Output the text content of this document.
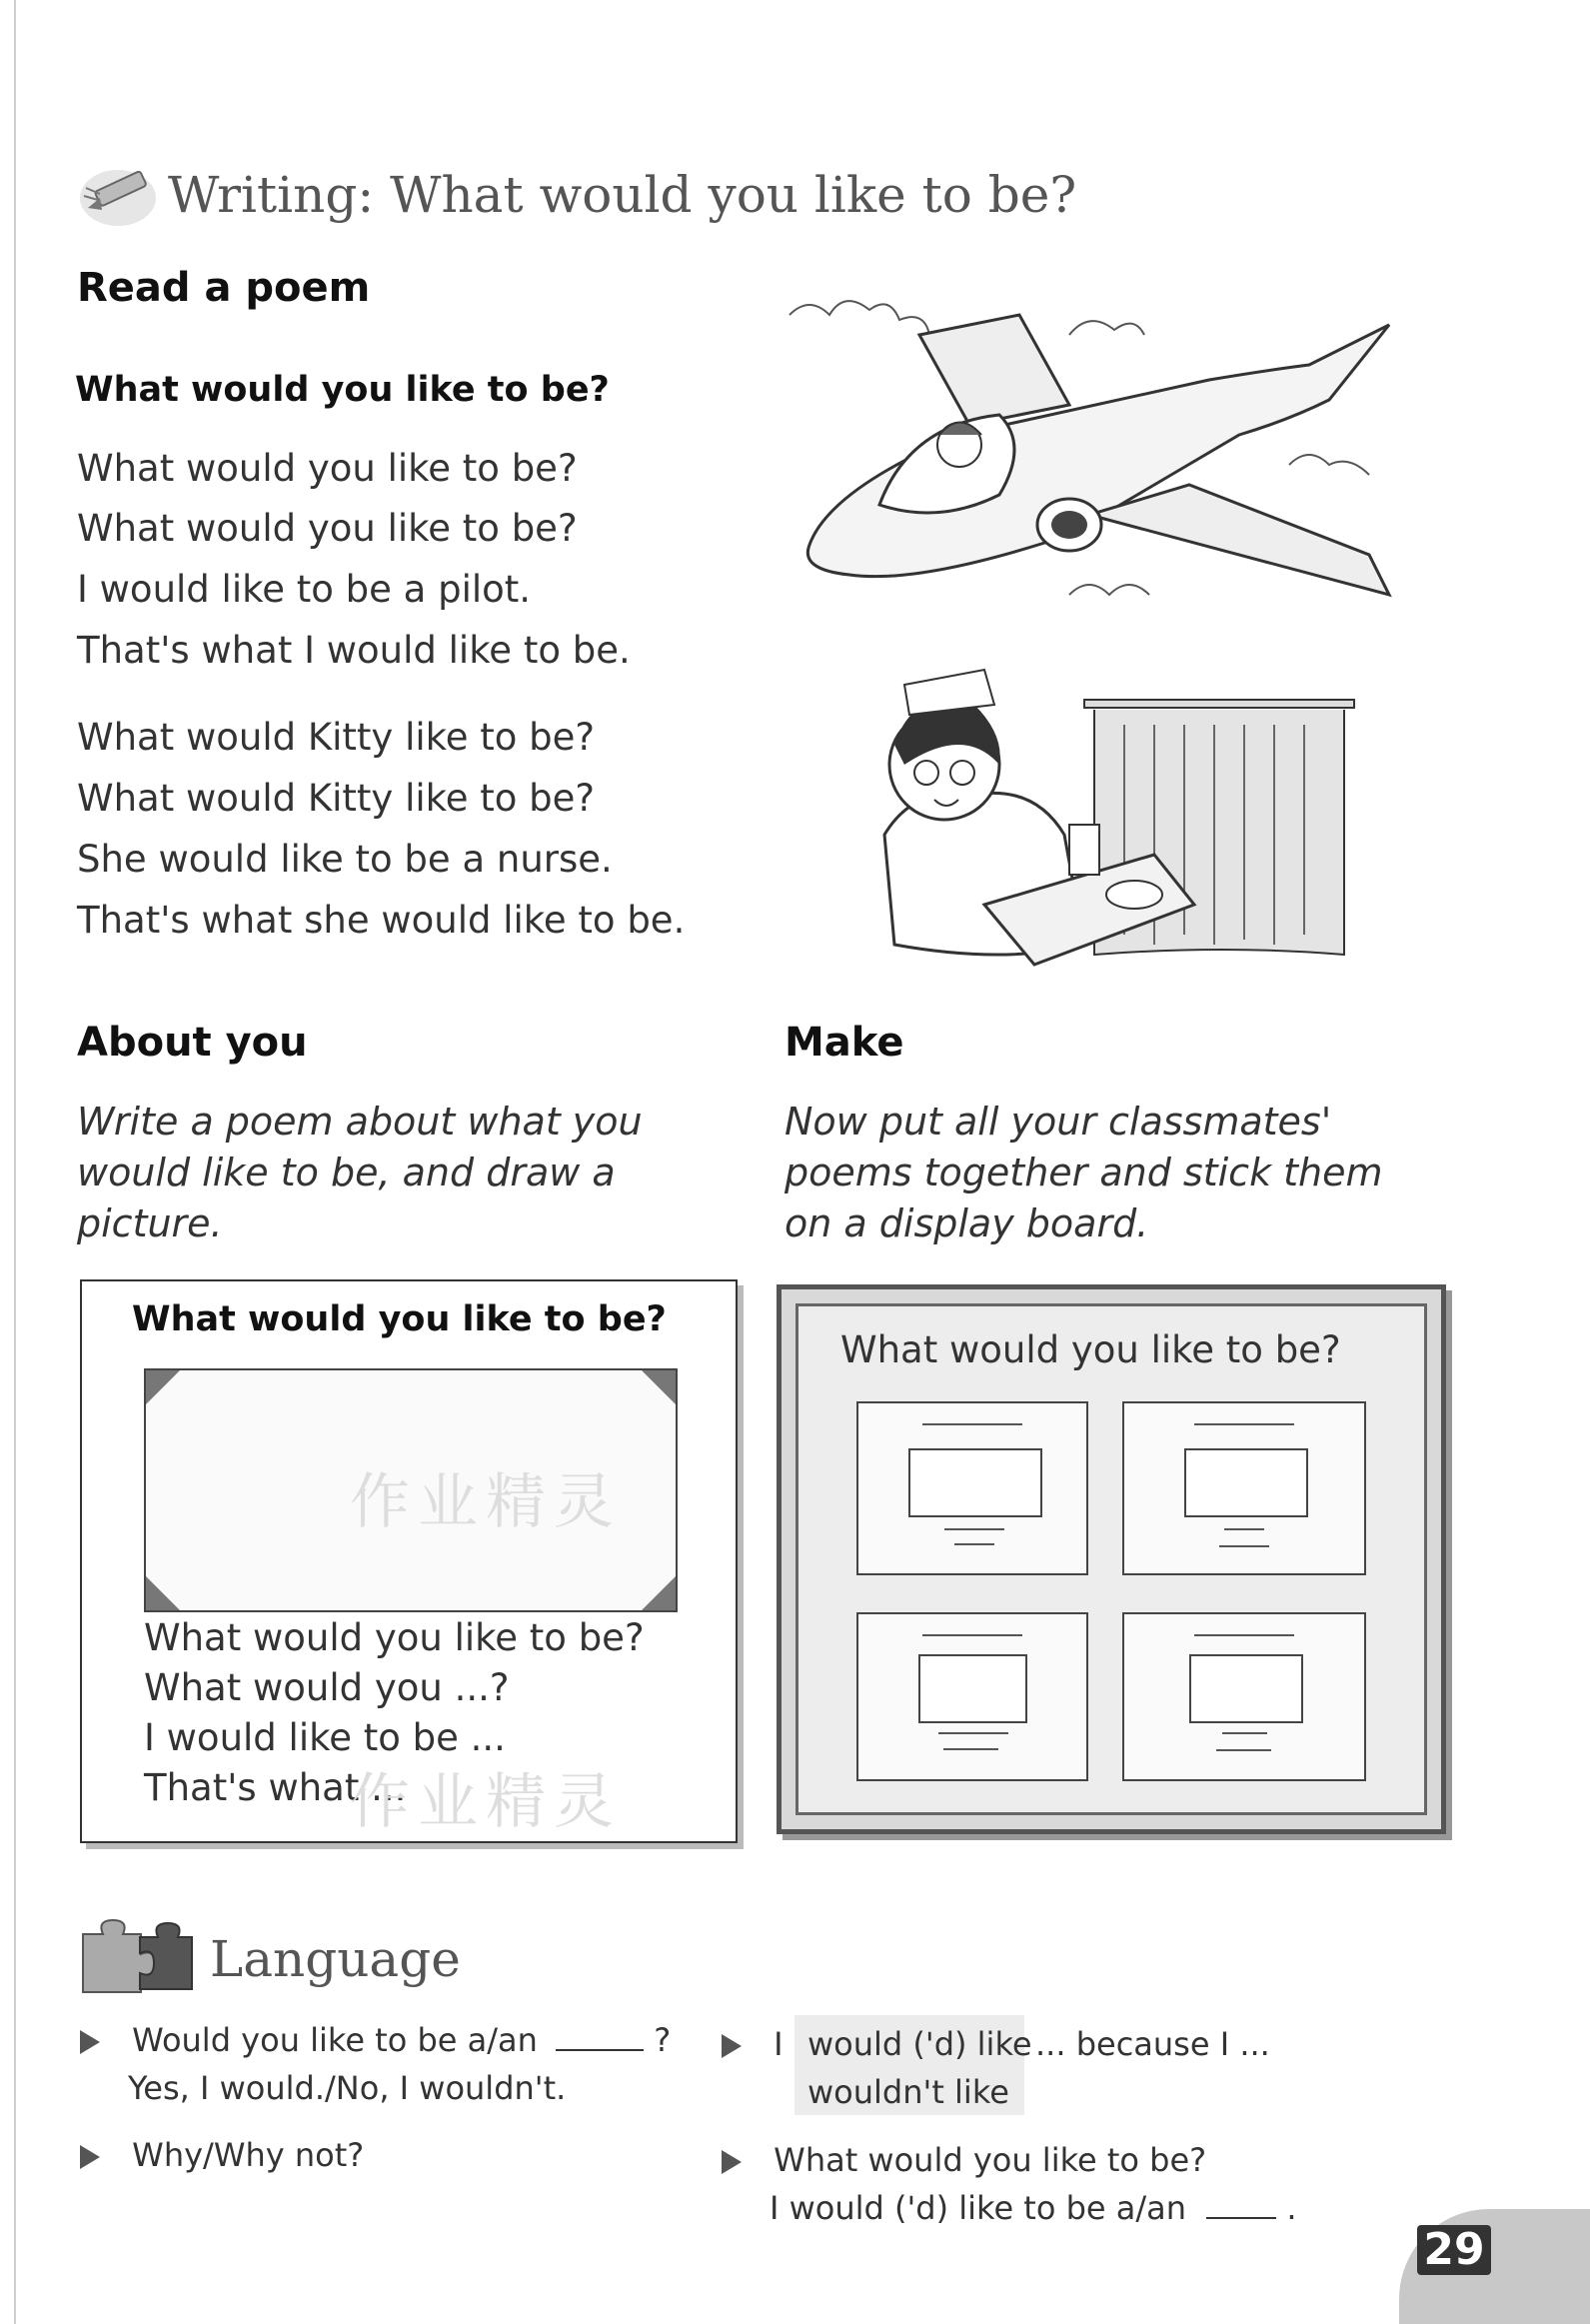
Writing: What would you like to be?
Read a poem
What would you like to be?
What would you like to be?
What would you like to be?
I would like to be a pilot.
That's what I would like to be.
What would Kitty like to be?
What would Kitty like to be?
She would like to be a nurse.
That's what she would like to be.
About you
Write a poem about what you
would like to be, and draw a
picture.
Make
Now put all your classmates'
poems together and stick them
on a display board.
What would you like to be?
What would you like to be?
What would you ...?
I would like to be ...
That's what ...
What would you like to be?
作业精灵
作业精灵
Language
Would you like to be a/an	?
Yes, I would./No, I wouldn't.
Why/Why not?
I would ('d) like
wouldn't like
... because I ...
What would you like to be?
I would ('d) like to be a/an	.
29
